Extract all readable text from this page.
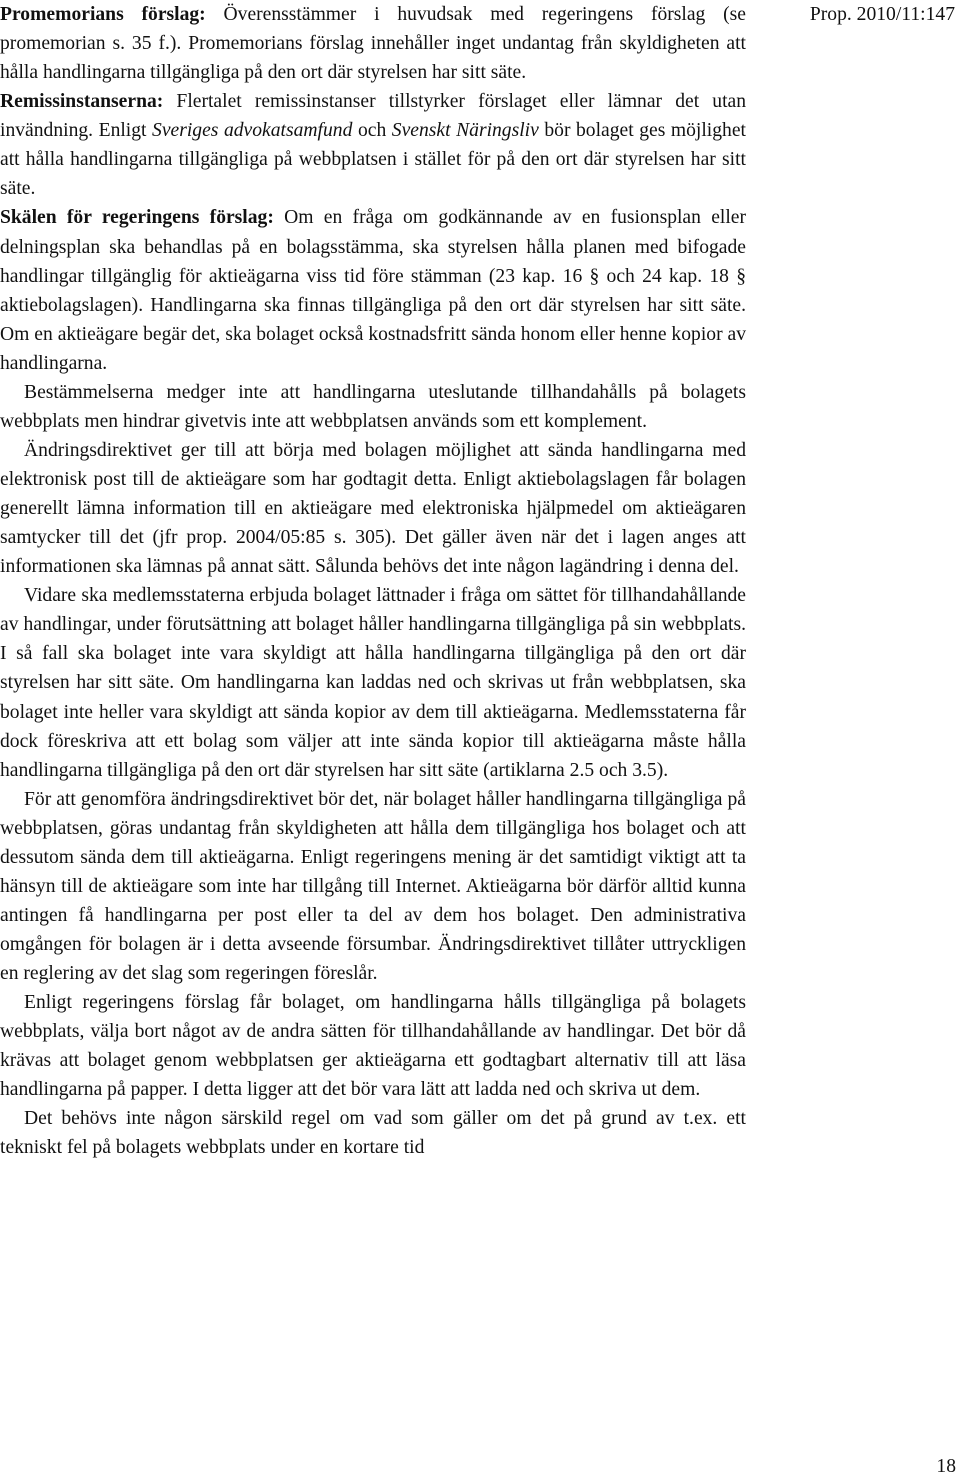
Prop. 2010/11:147

Promemorians förslag: Överensstämmer i huvudsak med regeringens förslag (se promemorian s. 35 f.). Promemorians förslag innehåller inget undantag från skyldigheten att hålla handlingarna tillgängliga på den ort där styrelsen har sitt säte.

Remissinstanserna: Flertalet remissinstanser tillstyrker förslaget eller lämnar det utan invändning. Enligt Sveriges advokatsamfund och Svenskt Näringsliv bör bolaget ges möjlighet att hålla handlingarna tillgängliga på webbplatsen i stället för på den ort där styrelsen har sitt säte.

Skälen för regeringens förslag: Om en fråga om godkännande av en fusionsplan eller delningsplan ska behandlas på en bolagsstämma, ska styrelsen hålla planen med bifogade handlingar tillgänglig för aktieägarna viss tid före stämman (23 kap. 16 § och 24 kap. 18 § aktiebolagslagen). Handlingarna ska finnas tillgängliga på den ort där styrelsen har sitt säte. Om en aktieägare begär det, ska bolaget också kostnadsfritt sända honom eller henne kopior av handlingarna.

Bestämmelserna medger inte att handlingarna uteslutande tillhandahålls på bolagets webbplats men hindrar givetvis inte att webbplatsen används som ett komplement.

Ändringsdirektivet ger till att börja med bolagen möjlighet att sända handlingarna med elektronisk post till de aktieägare som har godtagit detta. Enligt aktiebolagslagen får bolagen generellt lämna information till en aktieägare med elektroniska hjälpmedel om aktieägaren samtycker till det (jfr prop. 2004/05:85 s. 305). Det gäller även när det i lagen anges att informationen ska lämnas på annat sätt. Sålunda behövs det inte någon lagändring i denna del.

Vidare ska medlemsstaterna erbjuda bolaget lättnader i fråga om sättet för tillhandahållande av handlingar, under förutsättning att bolaget håller handlingarna tillgängliga på sin webbplats. I så fall ska bolaget inte vara skyldigt att hålla handlingarna tillgängliga på den ort där styrelsen har sitt säte. Om handlingarna kan laddas ned och skrivas ut från webbplatsen, ska bolaget inte heller vara skyldigt att sända kopior av dem till aktieägarna. Medlemsstaterna får dock föreskriva att ett bolag som väljer att inte sända kopior till aktieägarna måste hålla handlingarna tillgängliga på den ort där styrelsen har sitt säte (artiklarna 2.5 och 3.5).

För att genomföra ändringsdirektivet bör det, när bolaget håller handlingarna tillgängliga på webbplatsen, göras undantag från skyldigheten att hålla dem tillgängliga hos bolaget och att dessutom sända dem till aktieägarna. Enligt regeringens mening är det samtidigt viktigt att ta hänsyn till de aktieägare som inte har tillgång till Internet. Aktieägarna bör därför alltid kunna antingen få handlingarna per post eller ta del av dem hos bolaget. Den administrativa omgången för bolagen är i detta avseende försumbar. Ändringsdirektivet tillåter uttryckligen en reglering av det slag som regeringen föreslår.

Enligt regeringens förslag får bolaget, om handlingarna hålls tillgängliga på bolagets webbplats, välja bort något av de andra sätten för tillhandahållande av handlingar. Det bör då krävas att bolaget genom webbplatsen ger aktieägarna ett godtagbart alternativ till att läsa handlingarna på papper. I detta ligger att det bör vara lätt att ladda ned och skriva ut dem.

Det behövs inte någon särskild regel om vad som gäller om det på grund av t.ex. ett tekniskt fel på bolagets webbplats under en kortare tid

18
